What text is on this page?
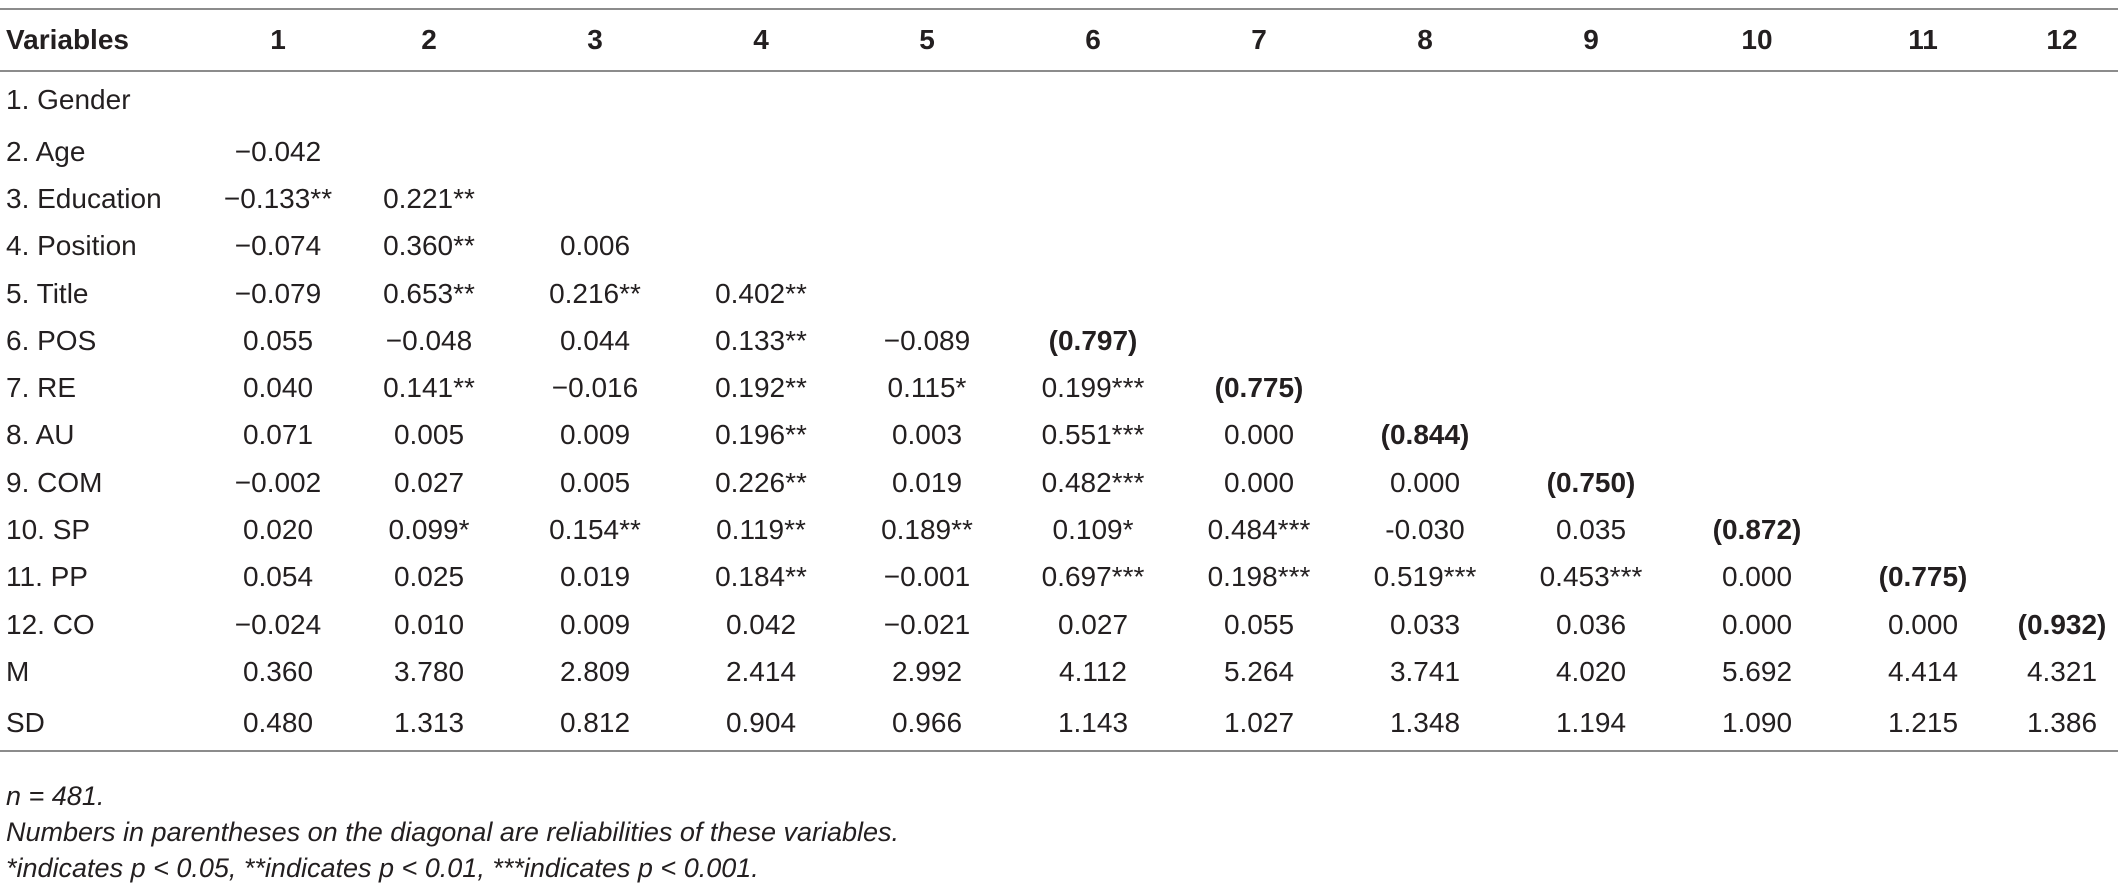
Variables	1	2	3	4	5	6	7	8	9	10	11	12
1. Gender												
2. Age	−0.042											
3. Education	−0.133**	0.221**										
4. Position	−0.074	0.360**	0.006									
5. Title	−0.079	0.653**	0.216**	0.402**								
6. POS	0.055	−0.048	0.044	0.133**	−0.089	(0.797)						
7. RE	0.040	0.141**	−0.016	0.192**	0.115*	0.199***	(0.775)					
8. AU	0.071	0.005	0.009	0.196**	0.003	0.551***	0.000	(0.844)				
9. COM	−0.002	0.027	0.005	0.226**	0.019	0.482***	0.000	0.000	(0.750)			
10. SP	0.020	0.099*	0.154**	0.119**	0.189**	0.109*	0.484***	-0.030	0.035	(0.872)		
11. PP	0.054	0.025	0.019	0.184**	−0.001	0.697***	0.198***	0.519***	0.453***	0.000	(0.775)	
12. CO	−0.024	0.010	0.009	0.042	−0.021	0.027	0.055	0.033	0.036	0.000	0.000	(0.932)
M	0.360	3.780	2.809	2.414	2.992	4.112	5.264	3.741	4.020	5.692	4.414	4.321
SD	0.480	1.313	0.812	0.904	0.966	1.143	1.027	1.348	1.194	1.090	1.215	1.386
n = 481.
Numbers in parentheses on the diagonal are reliabilities of these variables.
*indicates p < 0.05, **indicates p < 0.01, ***indicates p < 0.001.
